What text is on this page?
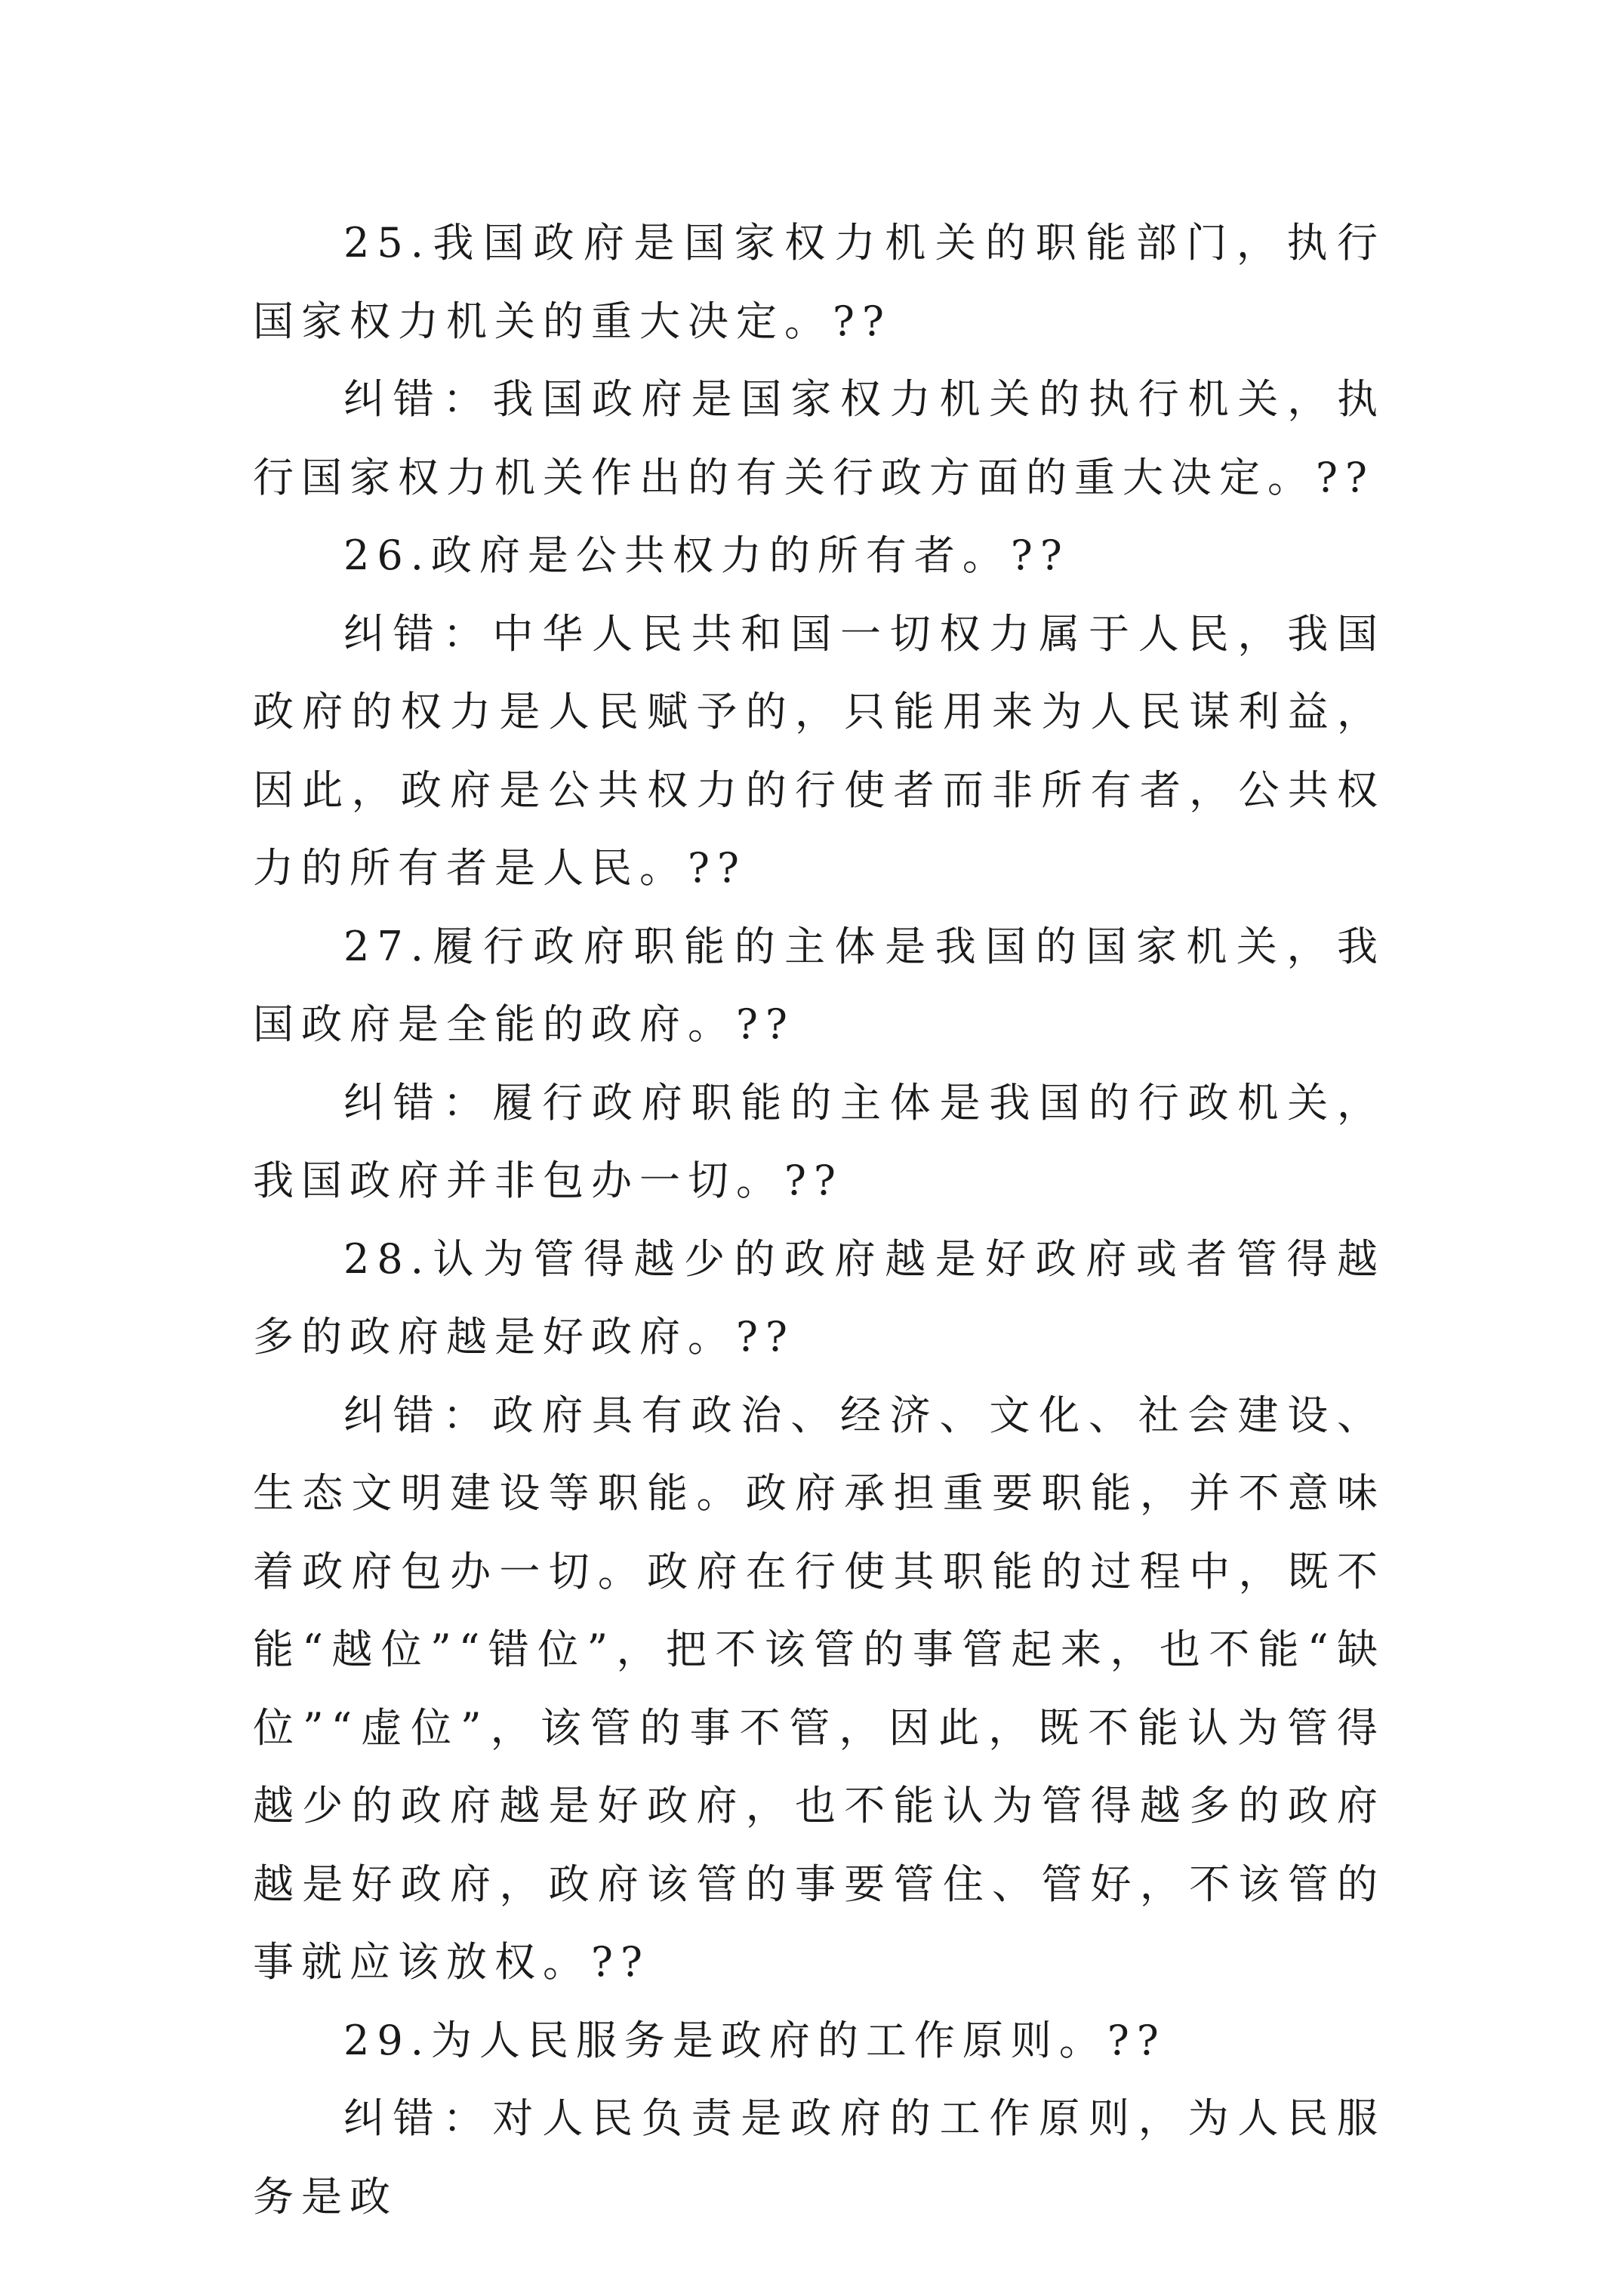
25.我国政府是国家权力机关的职能部门，执行国家权力机关的重大决定。??

纠错：我国政府是国家权力机关的执行机关，执行国家权力机关作出的有关行政方面的重大决定。??

26.政府是公共权力的所有者。??

纠错：中华人民共和国一切权力属于人民，我国政府的权力是人民赋予的，只能用来为人民谋利益，因此，政府是公共权力的行使者而非所有者，公共权力的所有者是人民。??

27.履行政府职能的主体是我国的国家机关，我国政府是全能的政府。??

纠错：履行政府职能的主体是我国的行政机关，我国政府并非包办一切。??

28.认为管得越少的政府越是好政府或者管得越多的政府越是好政府。??

纠错：政府具有政治、经济、文化、社会建设、生态文明建设等职能。政府承担重要职能，并不意味着政府包办一切。政府在行使其职能的过程中，既不能“越位”“错位”，把不该管的事管起来，也不能“缺位”“虚位”，该管的事不管，因此，既不能认为管得越少的政府越是好政府，也不能认为管得越多的政府越是好政府，政府该管的事要管住、管好，不该管的事就应该放权。??

29.为人民服务是政府的工作原则。??

纠错：对人民负责是政府的工作原则，为人民服务是政
